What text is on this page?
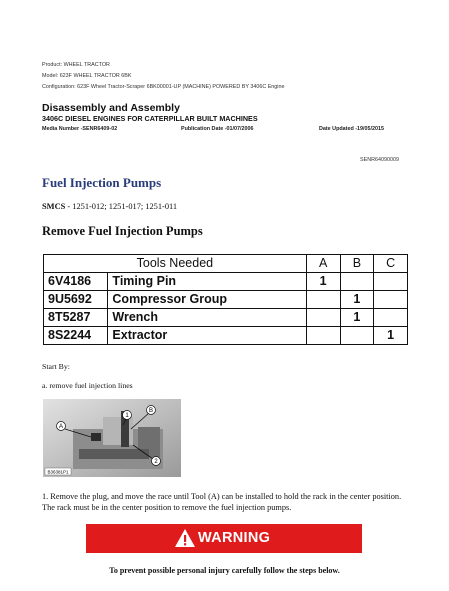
Product: WHEEL TRACTOR
Model: 623F WHEEL TRACTOR 6BK
Configuration: 623F Wheel Tractor-Scraper 6BK00001-UP (MACHINE) POWERED BY 3406C Engine
Disassembly and Assembly
3406C DIESEL ENGINES FOR CATERPILLAR BUILT MACHINES
Media Number -SENR6409-02	Publication Date -01/07/2006	Date Updated -19/05/2015
SENR64090009
Fuel Injection Pumps
SMCS - 1251-012; 1251-017; 1251-011
Remove Fuel Injection Pumps
Tools Needed		A	B	C
6V4186	Timing Pin	1		
9U5692	Compressor Group		1	
8T5287	Wrench		1	
8S2244	Extractor			1
Start By:
a. remove fuel injection lines
A
1
B
2
B36381P1
1. Remove the plug, and move the race until Tool (A) can be installed to hold the rack in the center position. The rack must be in the center position to remove the fuel injection pumps.
WARNING
To prevent possible personal injury carefully follow the steps below.
